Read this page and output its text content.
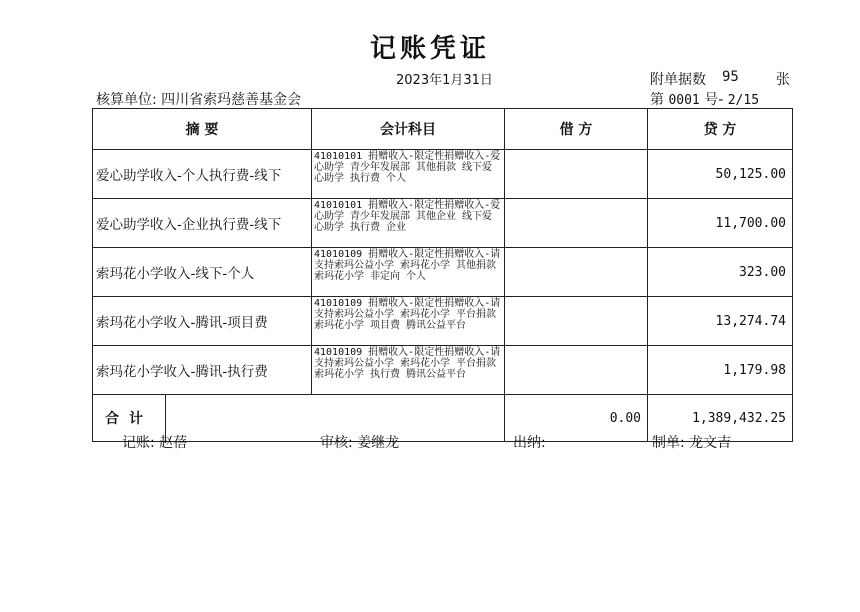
记账凭证
2023年1月31日	附单据数 95	张
核算单位: 四川省索玛慈善基金会	第 0001 号- 2/15
摘 要	会计科目	借 方	贷 方
爱心助学收入-个人执行费-线下	41010101 捐赠收入-限定性捐赠收入-爱心助学 青少年发展部 其他捐款 线下爱心助学 执行费 个人		50,125.00
爱心助学收入-企业执行费-线下	41010101 捐赠收入-限定性捐赠收入-爱心助学 青少年发展部 其他企业 线下爱心助学 执行费 企业		11,700.00
索玛花小学收入-线下-个人	41010109 捐赠收入-限定性捐赠收入-请支持索玛公益小学 索玛花小学 其他捐款 索玛花小学 非定向 个人		323.00
索玛花小学收入-腾讯-项目费	41010109 捐赠收入-限定性捐赠收入-请支持索玛公益小学 索玛花小学 平台捐款 索玛花小学 项目费 腾讯公益平台		13,274.74
索玛花小学收入-腾讯-执行费	41010109 捐赠收入-限定性捐赠收入-请支持索玛公益小学 索玛花小学 平台捐款 索玛花小学 执行费 腾讯公益平台		1,179.98

合计		0.00	1,389,432.25
记账: 赵蓓	审核: 姜继龙	出纳:	制单: 龙文吉
